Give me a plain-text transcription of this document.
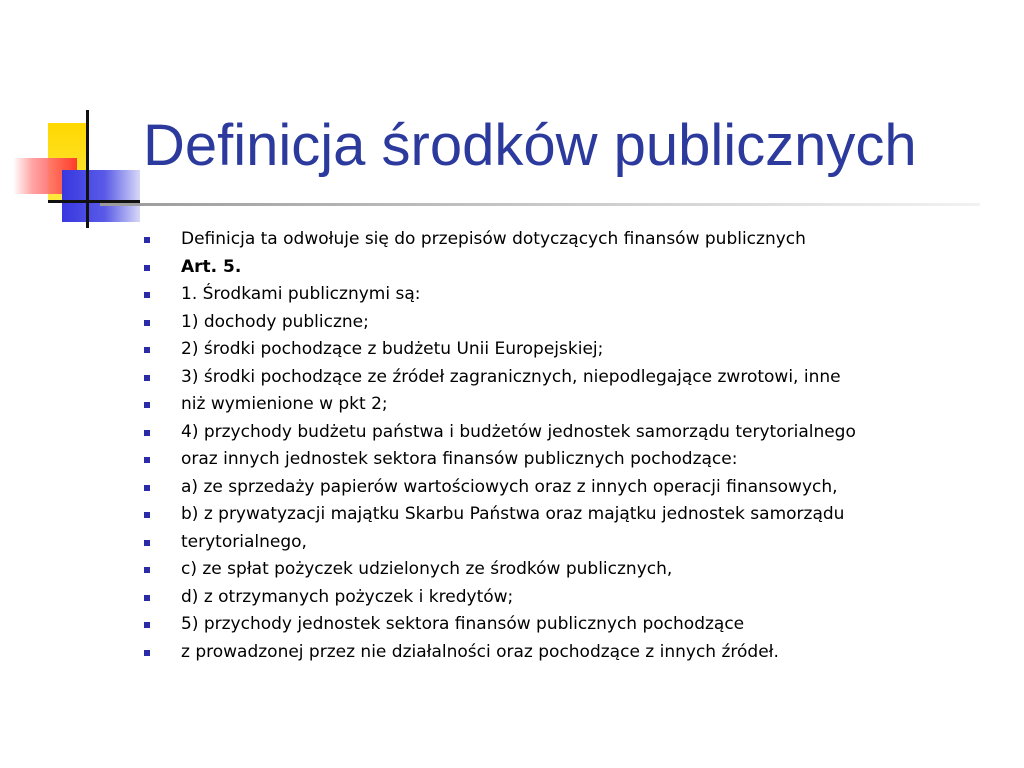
Definicja środków publicznych
Definicja ta odwołuje się do przepisów dotyczących finansów publicznych
Art. 5.
1. Środkami publicznymi są:
1) dochody publiczne;
2) środki pochodzące z budżetu Unii Europejskiej;
3) środki pochodzące ze źródeł zagranicznych, niepodlegające zwrotowi, inne
niż wymienione w pkt 2;
4) przychody budżetu państwa i budżetów jednostek samorządu terytorialnego
oraz innych jednostek sektora finansów publicznych pochodzące:
a) ze sprzedaży papierów wartościowych oraz z innych operacji finansowych,
b) z prywatyzacji majątku Skarbu Państwa oraz majątku jednostek samorządu
terytorialnego,
c) ze spłat pożyczek udzielonych ze środków publicznych,
d) z otrzymanych pożyczek i kredytów;
5) przychody jednostek sektora finansów publicznych pochodzące
z prowadzonej przez nie działalności oraz pochodzące z innych źródeł.
